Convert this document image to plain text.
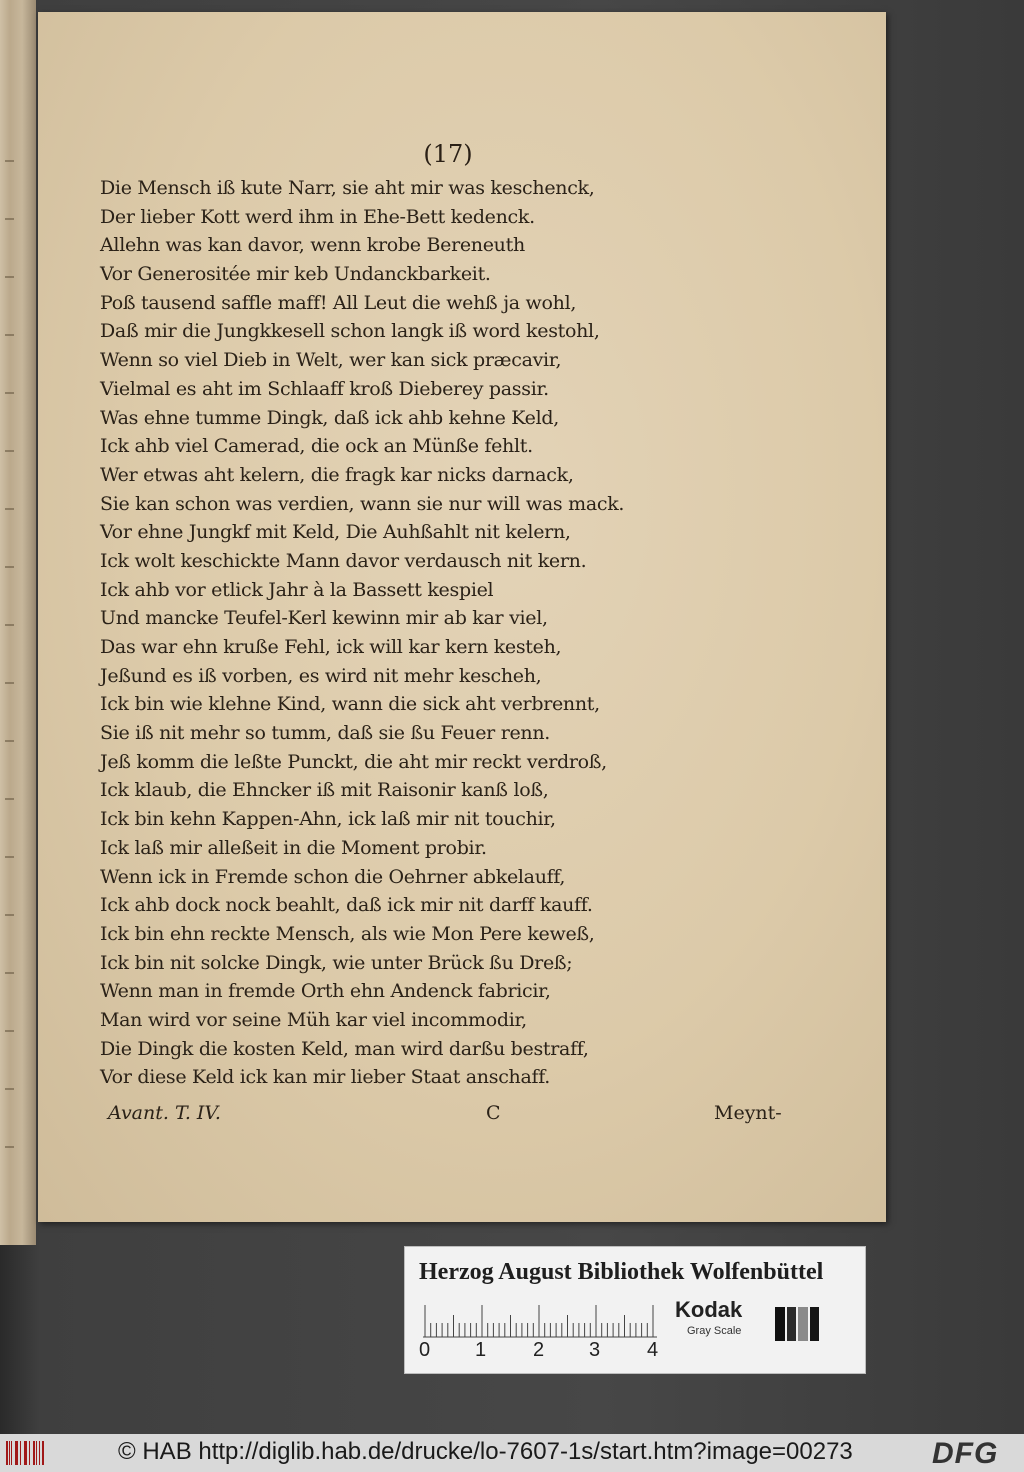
(17)
Die Mensch iß kute Narr, sie aht mir was keschenck,
Der lieber Kott werd ihm in Ehe-Bett kedenck.
Allehn was kan davor, wenn krobe Bereneuth
Vor Generositée mir keb Undanckbarkeit.
Poß tausend saffle maff! All Leut die wehß ja wohl,
Daß mir die Jungkkesell schon langk iß word kestohl,
Wenn so viel Dieb in Welt, wer kan sick præcavir,
Vielmal es aht im Schlaaff kroß Dieberey passir.
Was ehne tumme Dingk, daß ick ahb kehne Keld,
Ick ahb viel Camerad, die ock an Münße fehlt.
Wer etwas aht kelern, die fragk kar nicks darnack,
Sie kan schon was verdien, wann sie nur will was mack.
Vor ehne Jungkf mit Keld, Die Auhßahlt nit kelern,
Ick wolt keschickte Mann davor verdausch nit kern.
Ick ahb vor etlick Jahr à la Bassett kespiel
Und mancke Teufel-Kerl kewinn mir ab kar viel,
Das war ehn kruße Fehl, ick will kar kern kesteh,
Jeßund es iß vorben, es wird nit mehr kescheh,
Ick bin wie klehne Kind, wann die sick aht verbrennt,
Sie iß nit mehr so tumm, daß sie ßu Feuer renn.
Jeß komm die leßte Punckt, die aht mir reckt verdroß,
Ick klaub, die Ehncker iß mit Raisonir kanß loß,
Ick bin kehn Kappen-Ahn, ick laß mir nit touchir,
Ick laß mir alleßeit in die Moment probir.
Wenn ick in Fremde schon die Oehrner abkelauff,
Ick ahb dock nock beahlt, daß ick mir nit darff kauff.
Ick bin ehn reckte Mensch, als wie Mon Pere keweß,
Ick bin nit solcke Dingk, wie unter Brück ßu Dreß;
Wenn man in fremde Orth ehn Andenck fabricir,
Man wird vor seine Müh kar viel incommodir,
Die Dingk die kosten Keld, man wird darßu bestraff,
Vor diese Keld ick kan mir lieber Staat anschaff.
Avant. T. IV.	C	Meynt-
Herzog August Bibliothek Wolfenbüttel
0 1 2 3 4
Kodak
Gray Scale
© HAB http://diglib.hab.de/drucke/lo-7607-1s/start.htm?image=00273	DFG
